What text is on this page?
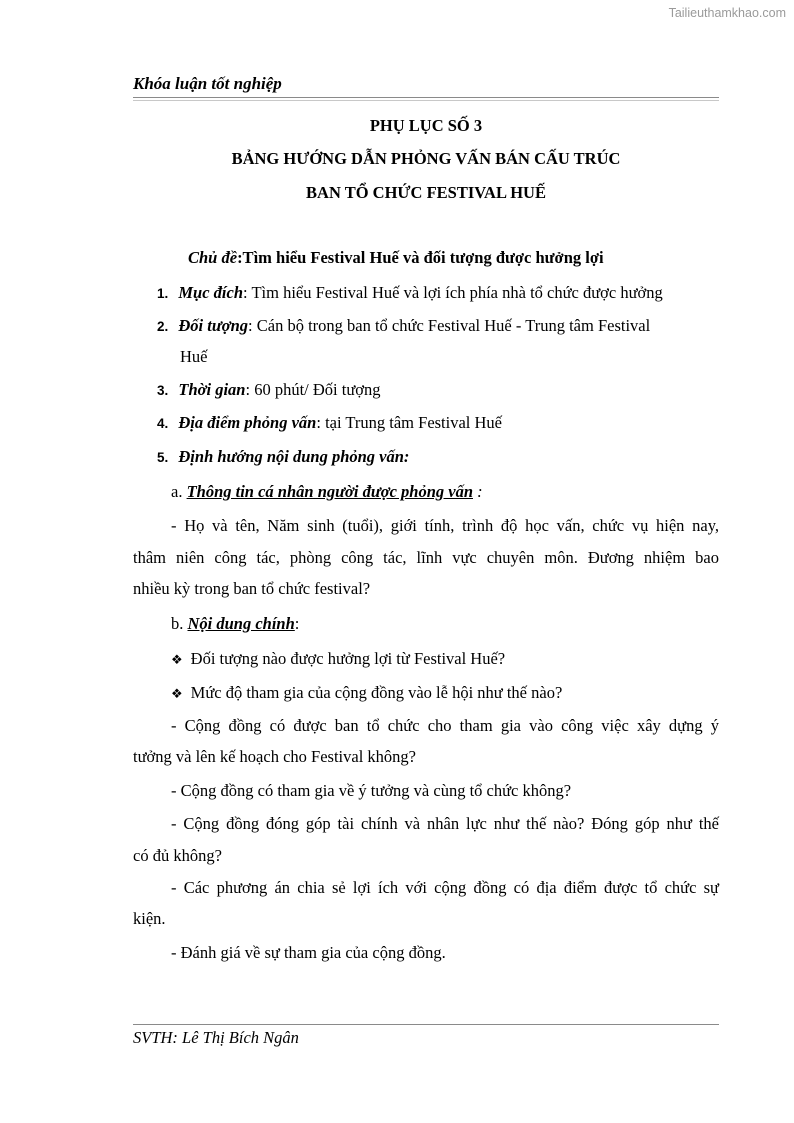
Tailieuthamkhao.com
Khóa luận tốt nghiệp
PHỤ LỤC SỐ 3
BẢNG HƯỚNG DẪN PHỎNG VẤN BÁN CẤU TRÚC
BAN TỔ CHỨC FESTIVAL HUẾ
Chủ đề:Tìm hiểu Festival Huế và đối tượng được hưởng lợi
1. Mục đích: Tìm hiểu Festival Huế và lợi ích phía nhà tổ chức được hưởng
2. Đối tượng: Cán bộ trong ban tổ chức Festival Huế - Trung tâm Festival
Huế
3. Thời gian: 60 phút/ Đối tượng
4. Địa điểm phỏng vấn: tại Trung tâm Festival Huế
5. Định hướng nội dung phỏng vấn:
a. Thông tin cá nhân người được phỏng vấn :
- Họ và tên, Năm sinh (tuổi), giới tính, trình độ học vấn, chức vụ hiện nay,
thâm niên công tác, phòng công tác, lĩnh vực chuyên môn. Đương nhiệm bao
nhiều kỳ trong ban tổ chức festival?
b. Nội dung chính:
❖ Đối tượng nào được hưởng lợi từ Festival Huế?
❖ Mức độ tham gia của cộng đồng vào lễ hội như thế nào?
- Cộng đồng có được ban tổ chức cho tham gia vào công việc xây dựng ý
tưởng và lên kế hoạch cho Festival không?
- Cộng đồng có tham gia về ý tưởng và cùng tổ chức không?
- Cộng đồng đóng góp tài chính và nhân lực như thế nào? Đóng góp như thế
có đủ không?
- Các phương án chia sẻ lợi ích với cộng đồng có địa điểm được tổ chức sự
kiện.
- Đánh giá về sự tham gia của cộng đồng.
SVTH: Lê Thị Bích Ngân
